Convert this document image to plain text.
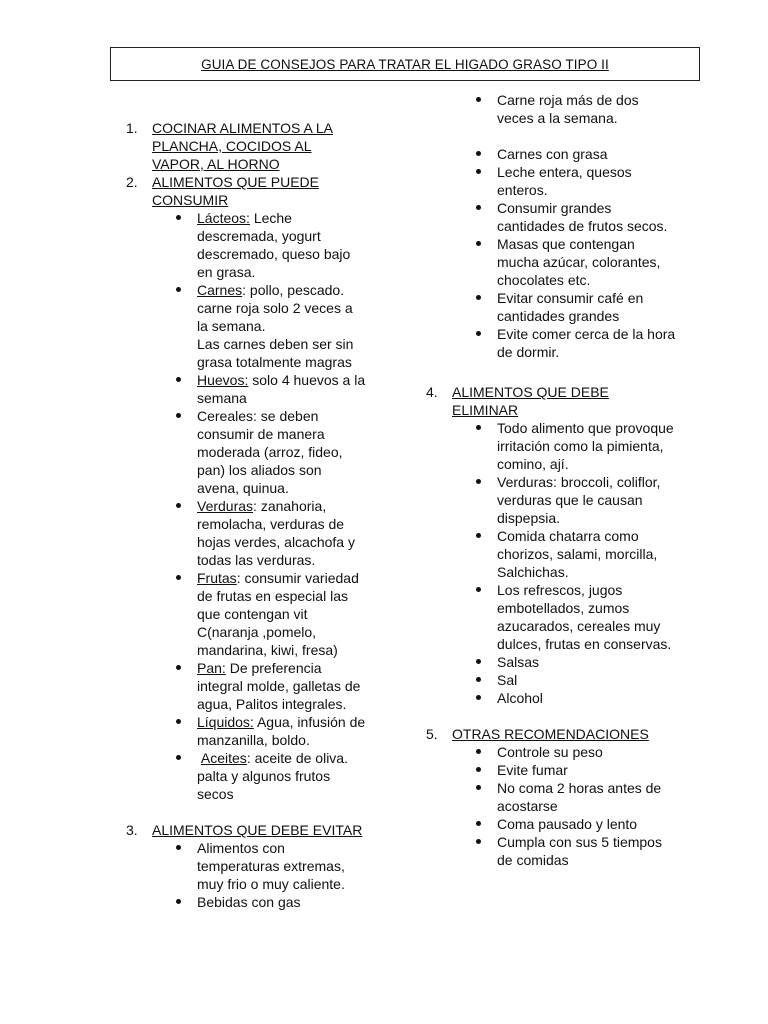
GUIA DE CONSEJOS PARA TRATAR EL HIGADO GRASO TIPO II
1.	COCINAR ALIMENTOS A LA PLANCHA, COCIDOS AL VAPOR, AL HORNO
2.	ALIMENTOS QUE PUEDE CONSUMIR
Lácteos: Leche descremada, yogurt descremado, queso bajo en grasa.
Carnes: pollo, pescado. carne roja solo 2 veces a la semana.
Las carnes deben ser sin grasa totalmente magras
Huevos: solo 4 huevos a la semana
Cereales: se deben consumir de manera moderada (arroz, fideo, pan) los aliados son avena, quinua.
Verduras: zanahoria, remolacha, verduras de hojas verdes, alcachofa y todas las verduras.
Frutas: consumir variedad de frutas en especial las que contengan vit C(naranja ,pomelo, mandarina, kiwi, fresa)
Pan: De preferencia integral molde, galletas de agua, Palitos integrales.
Líquidos: Agua, infusión de manzanilla, boldo.
Aceites: aceite de oliva. palta y algunos frutos secos
3.	ALIMENTOS QUE DEBE EVITAR
Alimentos con temperaturas extremas, muy frio o muy caliente.
Bebidas con gas
Carne roja más de dos veces a la semana.
Carnes con grasa
Leche entera, quesos enteros.
Consumir grandes cantidades de frutos secos.
Masas que contengan mucha azúcar, colorantes, chocolates etc.
Evitar consumir café en cantidades grandes
Evite comer cerca de la hora de dormir.
4.	ALIMENTOS QUE DEBE ELIMINAR
Todo alimento que provoque irritación como la pimienta, comino, ají.
Verduras: broccoli, coliflor, verduras que le causan dispepsia.
Comida chatarra como chorizos, salami, morcilla, Salchichas.
Los refrescos, jugos embotellados, zumos azucarados, cereales muy dulces, frutas en conservas.
Salsas
Sal
Alcohol
5.	OTRAS RECOMENDACIONES
Controle su peso
Evite fumar
No coma 2 horas antes de acostarse
Coma pausado y lento
Cumpla con sus 5 tiempos de comidas
